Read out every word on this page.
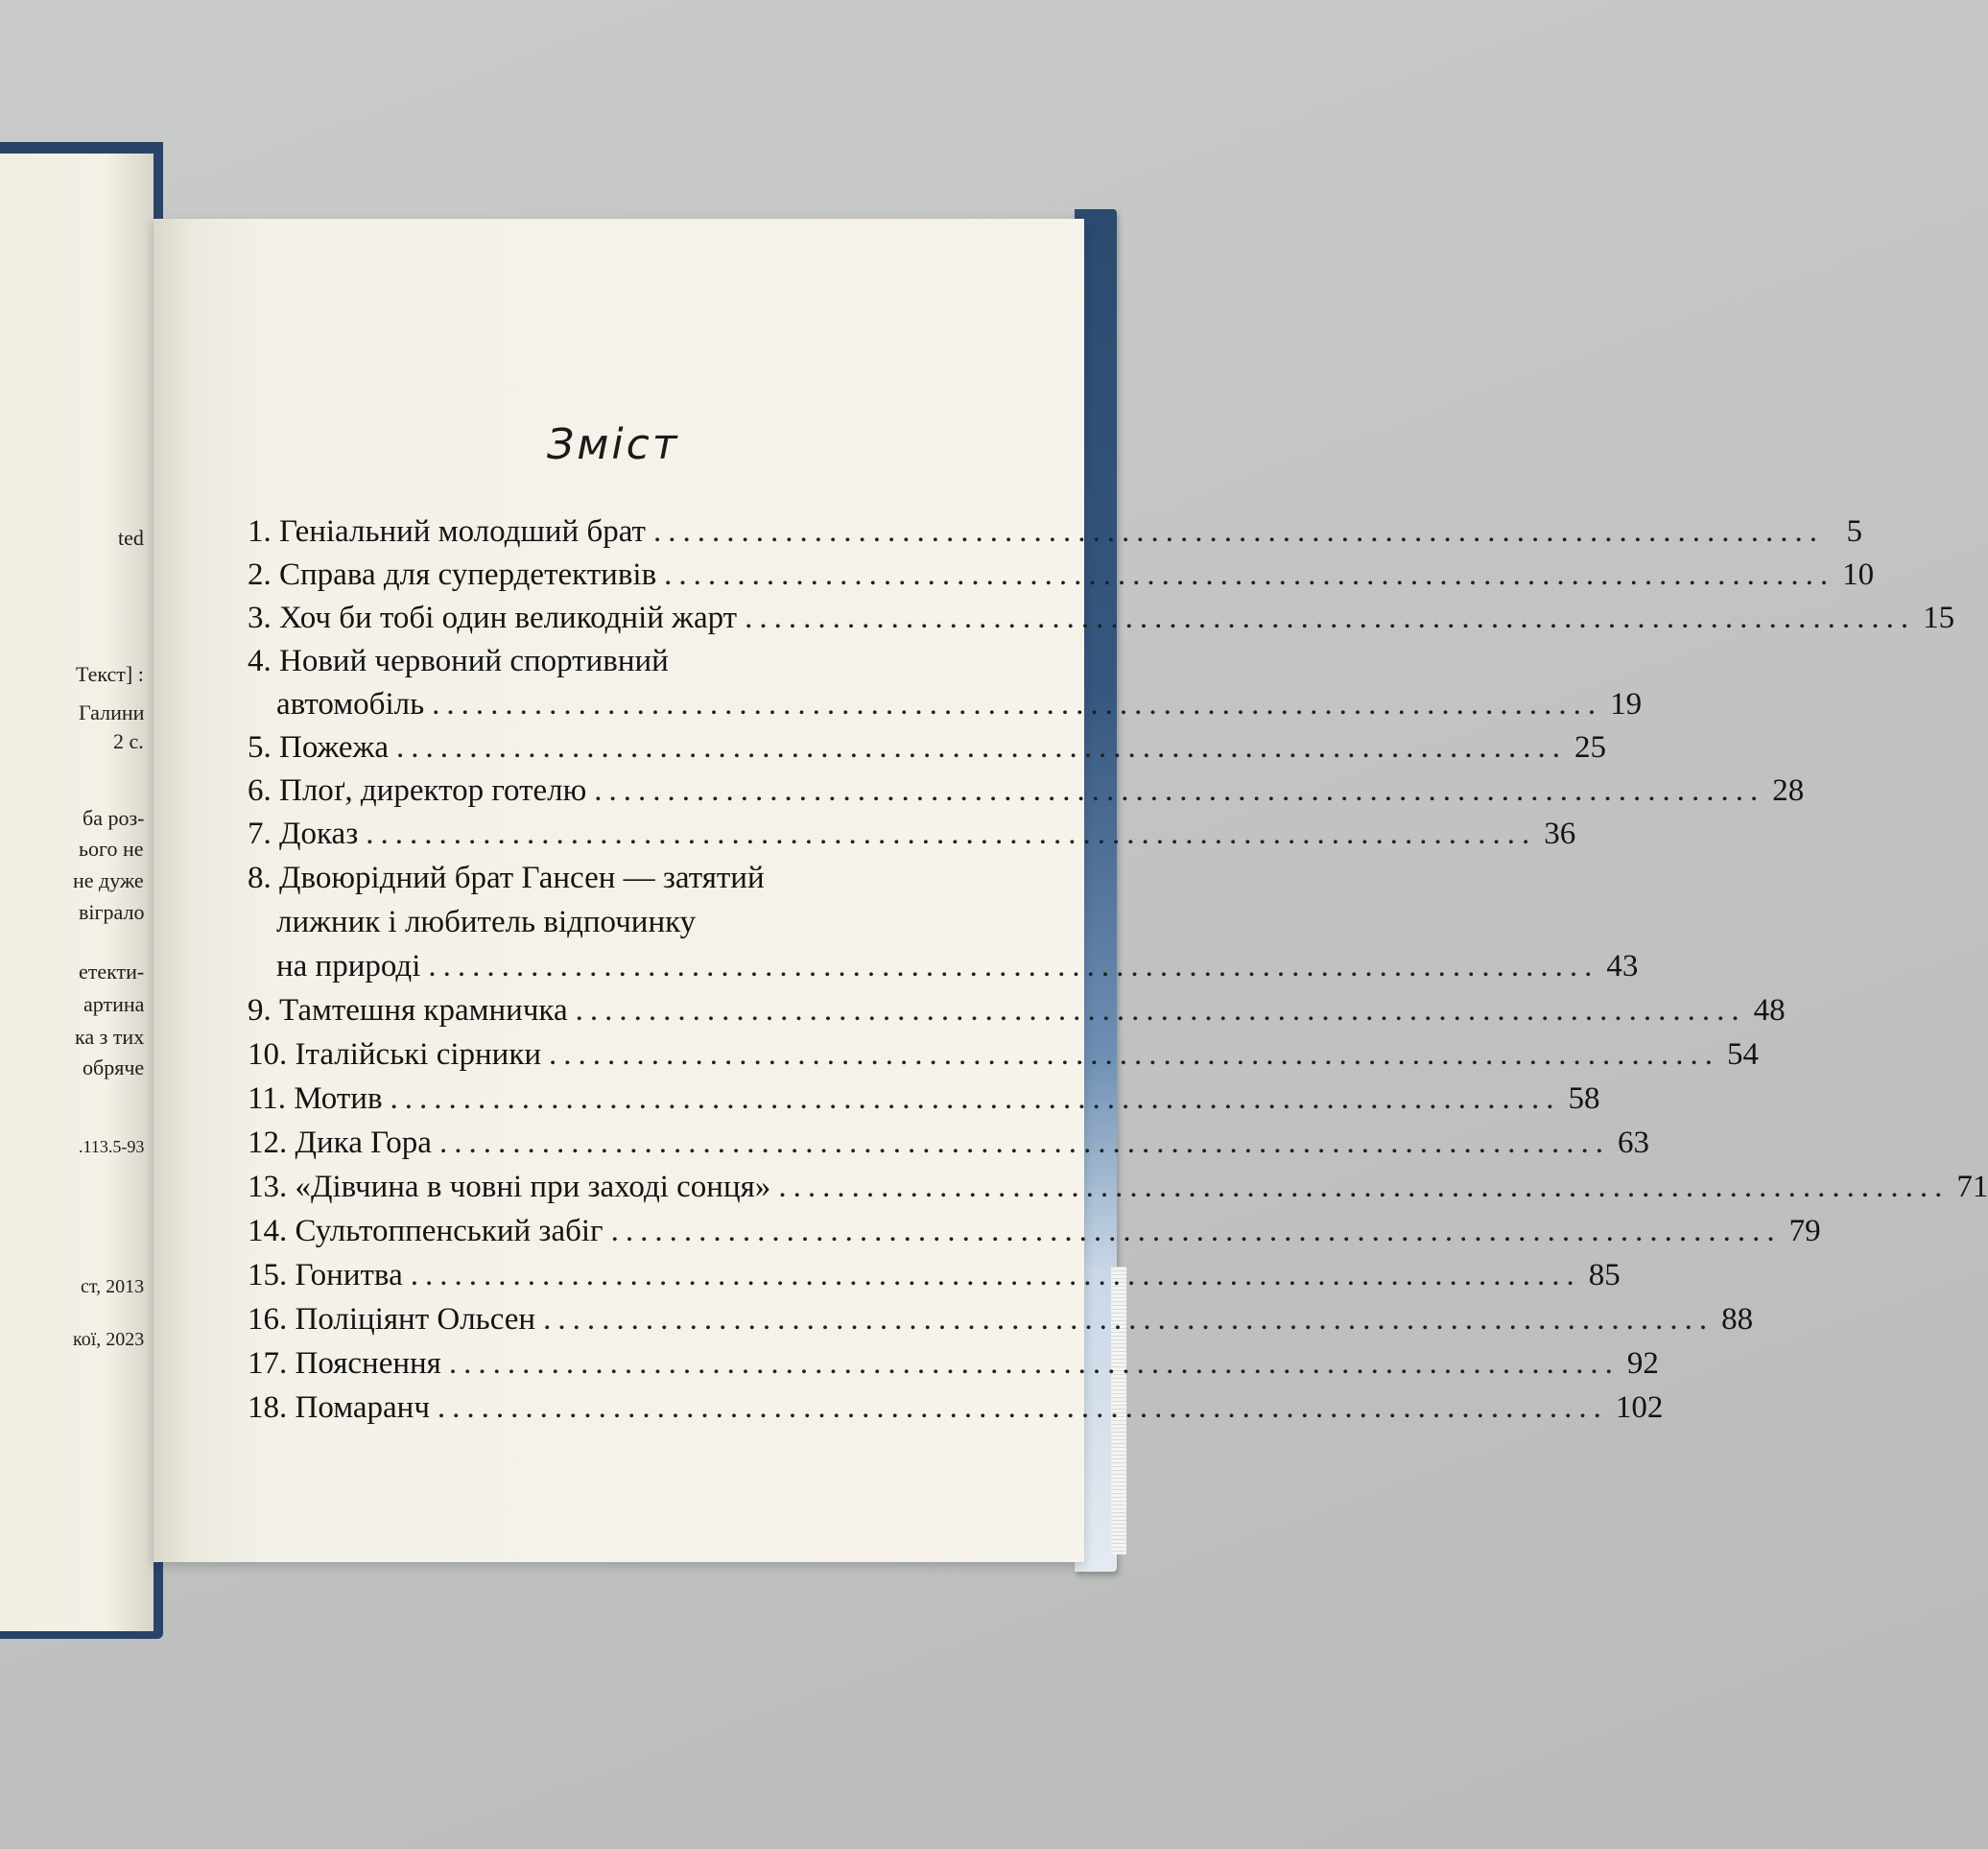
ted
Текст] :
Галини
2 с.
ба роз-
ього не
не дуже
віграло
етекти-
артина
ка з тих
обряче
.113.5-93
ст, 2013
кої, 2023
Зміст
1. Геніальний молодший брат ................................................................................ 5
2. Справа для супердетективів ................................................................................ 10
3. Хоч би тобі один великодній жарт ................................................................................ 15
4. Новий червоний спортивний
автомобіль ................................................................................ 19
5. Пожежа ................................................................................ 25
6. Плоґ, директор готелю ................................................................................ 28
7. Доказ ................................................................................ 36
8. Двоюрідний брат Гансен — затятий
лижник і любитель відпочинку
на природі ................................................................................ 43
9. Тамтешня крамничка ................................................................................ 48
10. Італійські сірники ................................................................................ 54
11. Мотив ................................................................................ 58
12. Дика Гора ................................................................................ 63
13. «Дівчина в човні при заході сонця» ................................................................................ 71
14. Сультоппенський забіг ................................................................................ 79
15. Гонитва ................................................................................ 85
16. Поліціянт Ольсен ................................................................................ 88
17. Пояснення ................................................................................ 92
18. Помаранч ................................................................................ 102
